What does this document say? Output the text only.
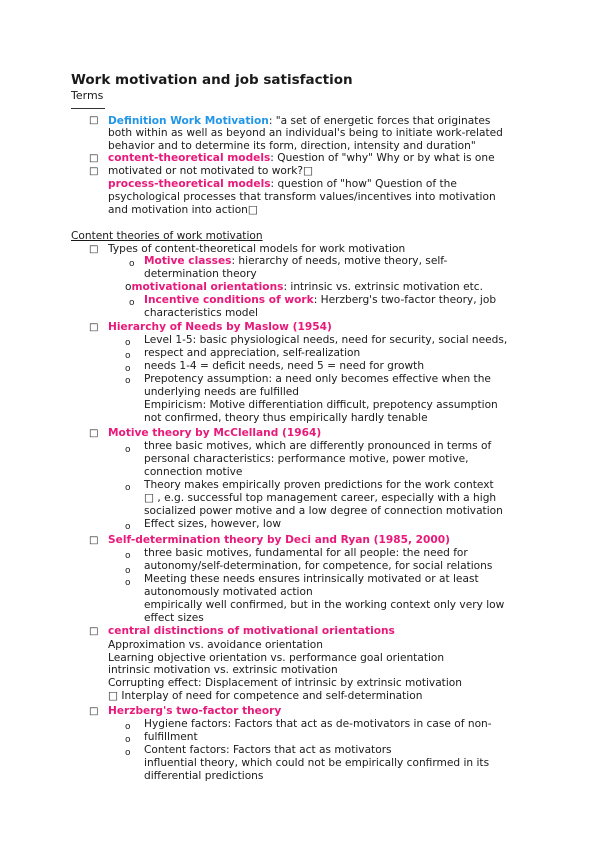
Work motivation and job satisfaction
Terms
□ Definition Work Motivation: "a set of energetic forces that originates
both within as well as beyond an individual's being to initiate work-related
behavior and to determine its form, direction, intensity and duration"
□ content-theoretical models: Question of "why" Why or by what is one
□ motivated or not motivated to work?□
process-theoretical models: question of "how" Question of the
psychological processes that transform values/incentives into motivation
and motivation into action□
Content theories of work motivation
□ Types of content-theoretical models for work motivation
o Motive classes: hierarchy of needs, motive theory, self-
determination theory
omotivational orientations: intrinsic vs. extrinsic motivation etc.
o Incentive conditions of work: Herzberg's two-factor theory, job
characteristics model
□ Hierarchy of Needs by Maslow (1954)
o Level 1-5: basic physiological needs, need for security, social needs,
respect and appreciation, self-realization
o
o needs 1-4 = deficit needs, need 5 = need for growth
o Prepotency assumption: a need only becomes effective when the
underlying needs are fulfilled
Empiricism: Motive differentiation difficult, prepotency assumption
not confirmed, theory thus empirically hardly tenable
□ Motive theory by McClelland (1964)
o three basic motives, which are differently pronounced in terms of
personal characteristics: performance motive, power motive,
connection motive
o Theory makes empirically proven predictions for the work context
□ , e.g. successful top management career, especially with a high
socialized power motive and a low degree of connection motivation
o Effect sizes, however, low
□ Self-determination theory by Deci and Ryan (1985, 2000)
o three basic motives, fundamental for all people: the need for
o autonomy/self-determination, for competence, for social relations
o Meeting these needs ensures intrinsically motivated or at least
autonomously motivated action
empirically well confirmed, but in the working context only very low
effect sizes
□ central distinctions of motivational orientations
Approximation vs. avoidance orientation
Learning objective orientation vs. performance goal orientation
intrinsic motivation vs. extrinsic motivation
Corrupting effect: Displacement of intrinsic by extrinsic motivation
□ Interplay of need for competence and self-determination
□ Herzberg's two-factor theory
o Hygiene factors: Factors that act as de-motivators in case of non-
o fulfillment
o Content factors: Factors that act as motivators
influential theory, which could not be empirically confirmed in its
differential predictions
